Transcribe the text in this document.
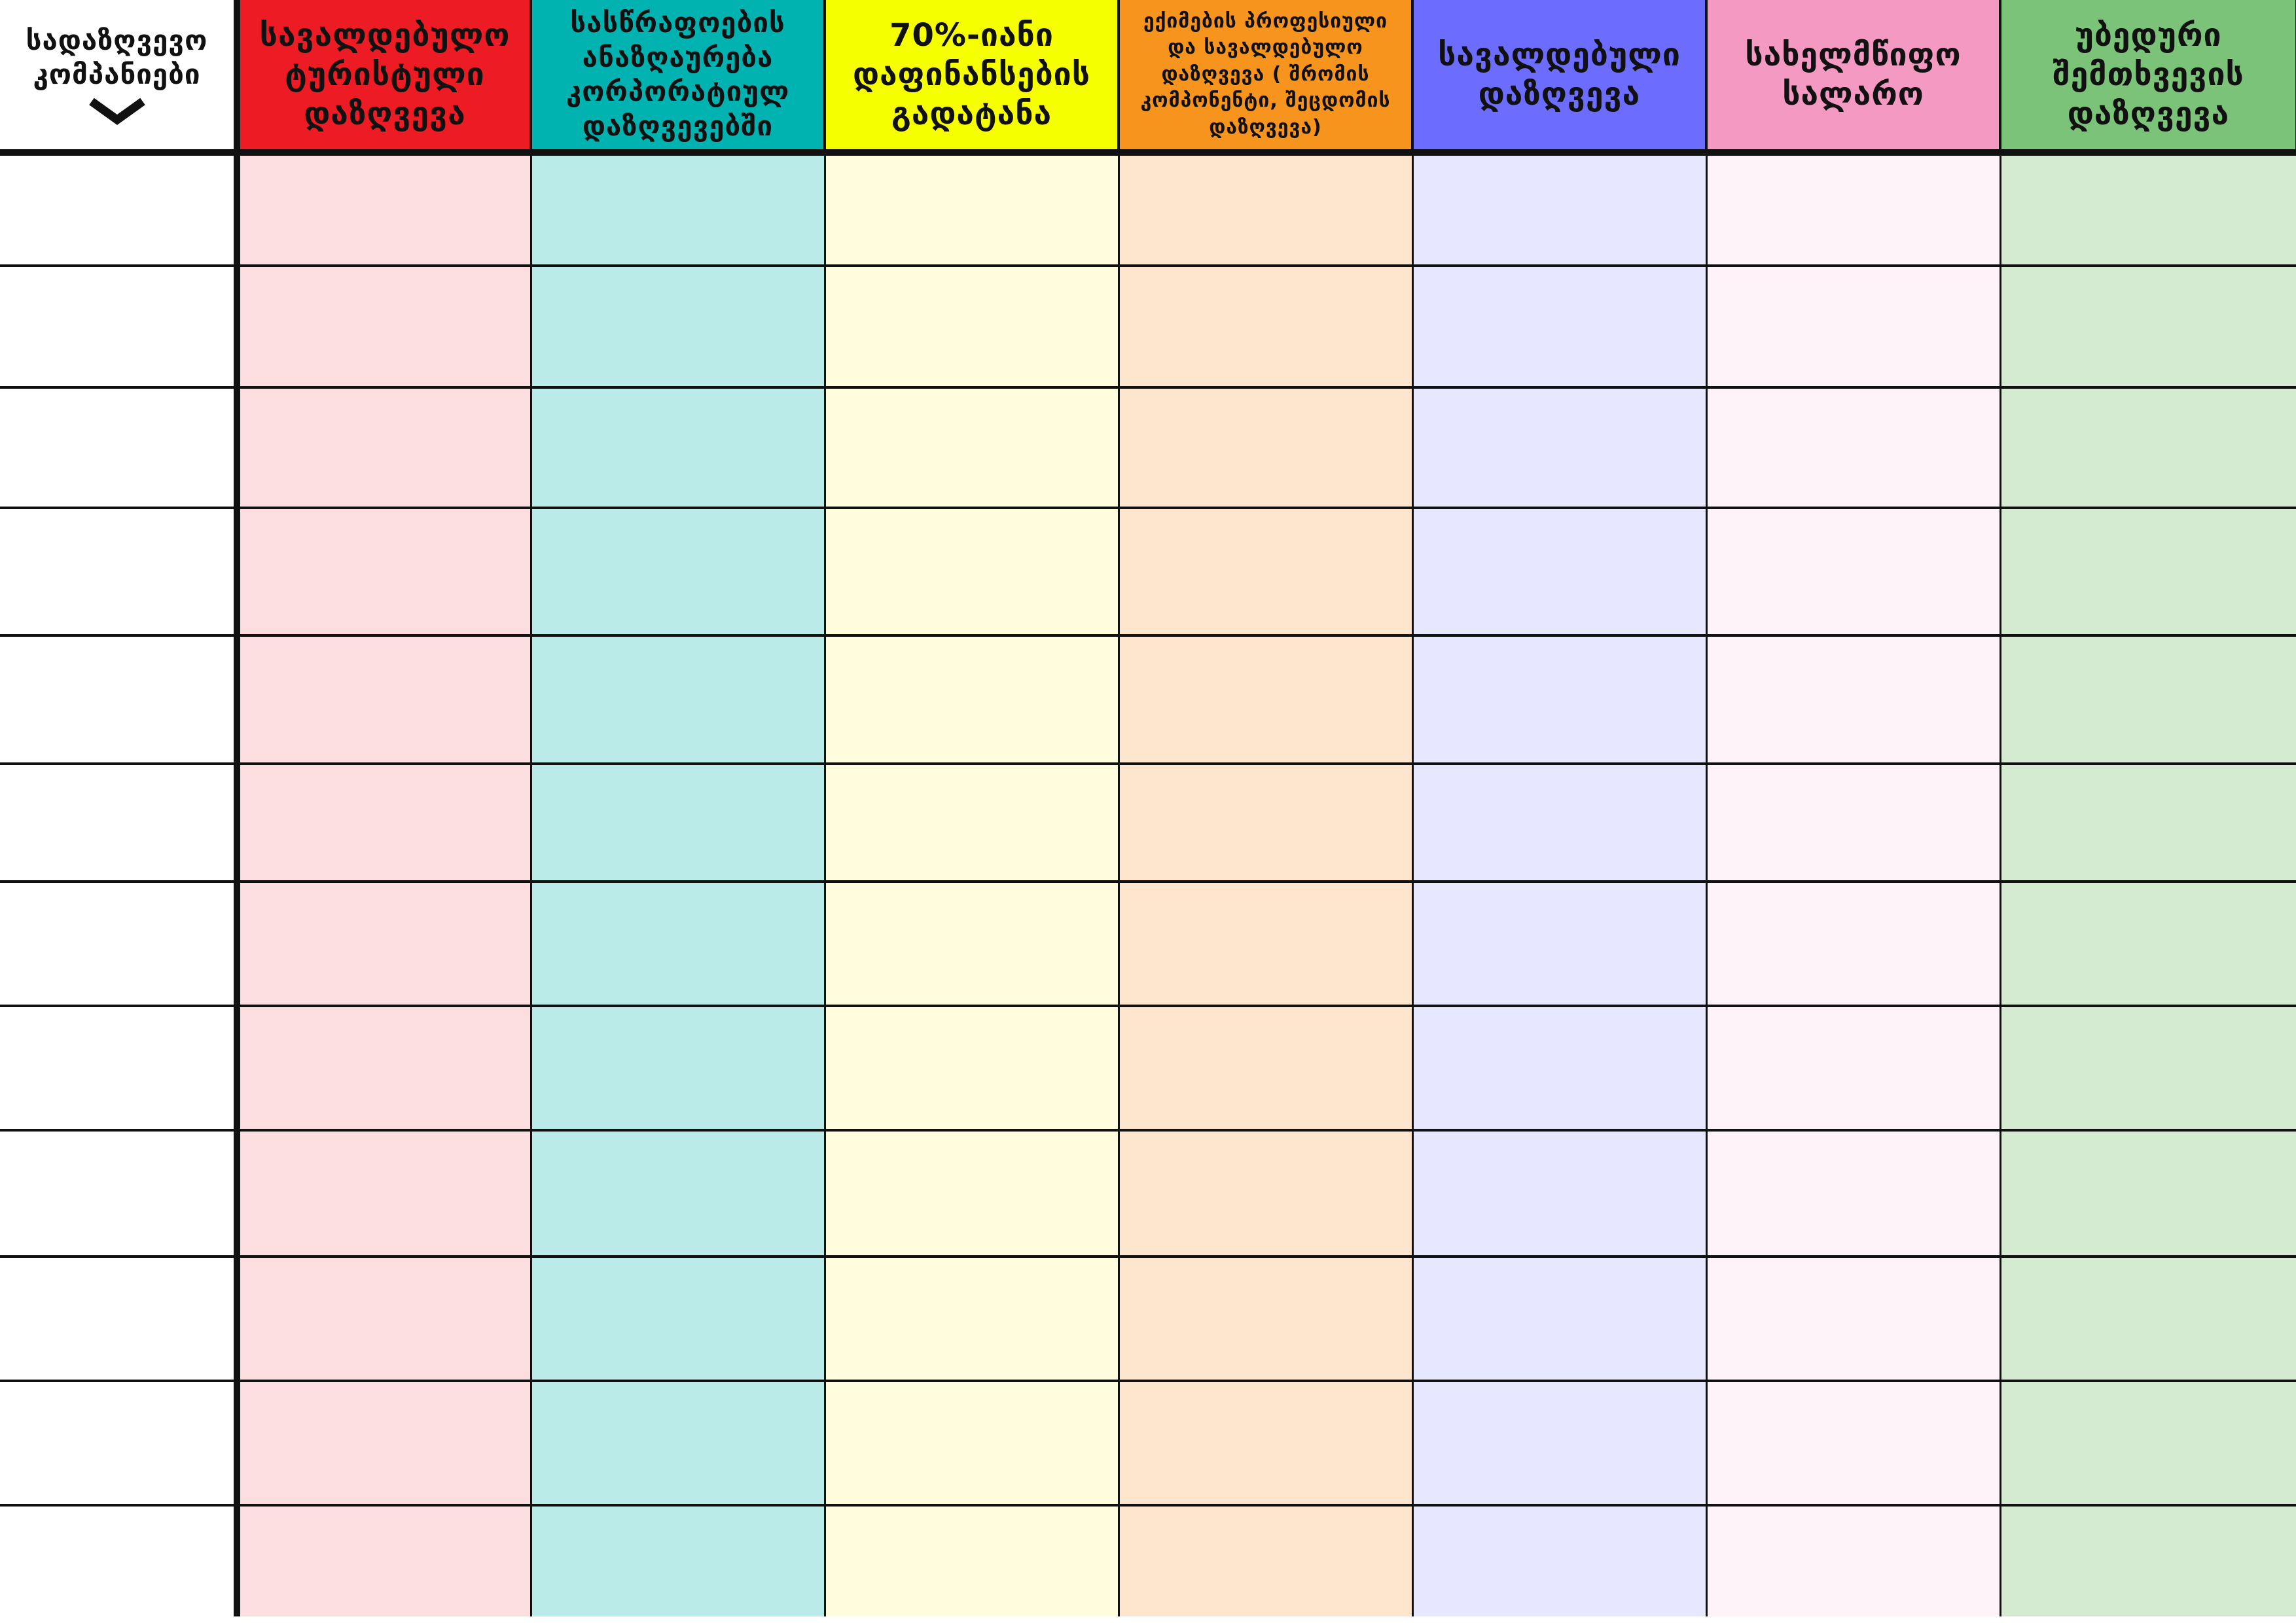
სადაზღვევო კომპანიები	სავალდებულო ტურისტული დაზღვევა	სასწრაფოების ანაზღაურება კორპორატიულ დაზღვევებში	70%-იანი დაფინანსების გადატანა	ექიმების პროფესიული და სავალდებულო დაზღვევა ( შრომის კომპონენტი, შეცდომის დაზღვევა)	სავალდებული დაზღვევა	სახელმწიფო სალარო	უბედური შემთხვევის დაზღვევა
